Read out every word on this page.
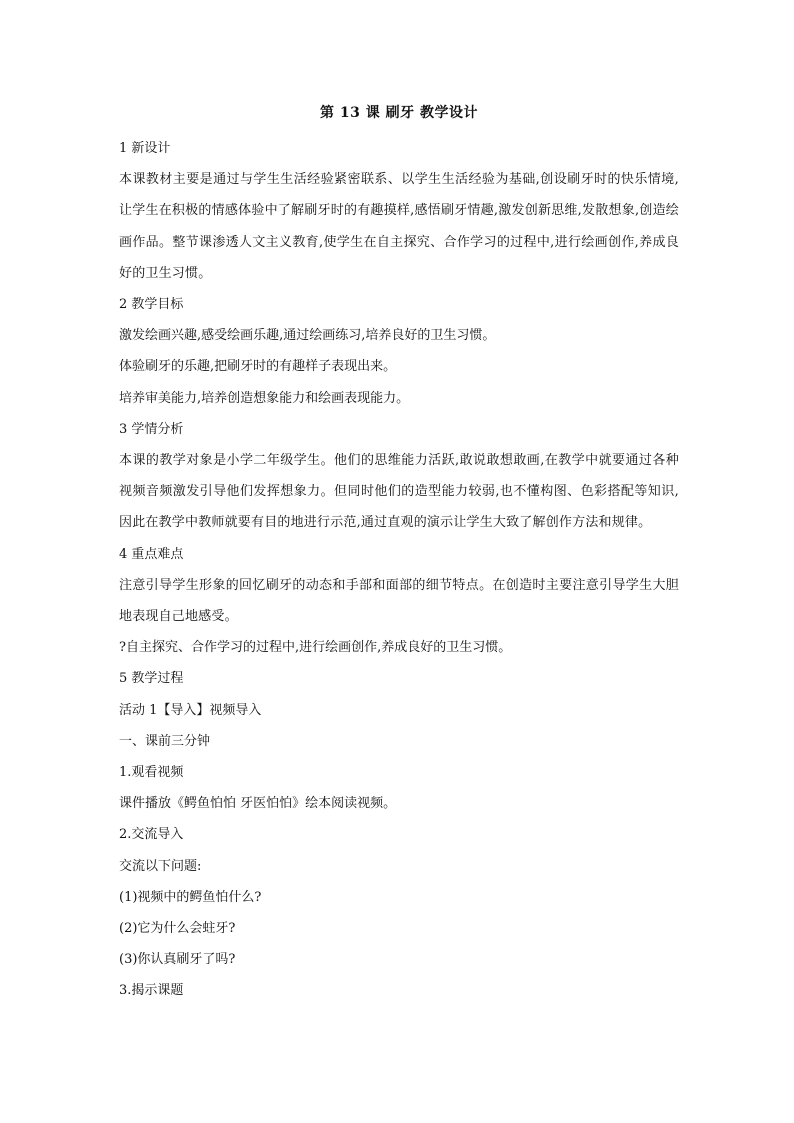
第 13 课 刷牙 教学设计

1 新设计

本课教材主要是通过与学生生活经验紧密联系、以学生生活经验为基础,创设刷牙时的快乐情境,让学生在积极的情感体验中了解刷牙时的有趣摸样,感悟刷牙情趣,激发创新思维,发散想象,创造绘画作品。整节课渗透人文主义教育,使学生在自主探究、合作学习的过程中,进行绘画创作,养成良好的卫生习惯。

2 教学目标

激发绘画兴趣,感受绘画乐趣,通过绘画练习,培养良好的卫生习惯。

体验刷牙的乐趣,把刷牙时的有趣样子表现出来。

培养审美能力,培养创造想象能力和绘画表现能力。

3 学情分析

本课的教学对象是小学二年级学生。他们的思维能力活跃,敢说敢想敢画,在教学中就要通过各种视频音频激发引导他们发挥想象力。但同时他们的造型能力较弱,也不懂构图、色彩搭配等知识,因此在教学中教师就要有目的地进行示范,通过直观的演示让学生大致了解创作方法和规律。

4 重点难点

注意引导学生形象的回忆刷牙的动态和手部和面部的细节特点。在创造时主要注意引导学生大胆地表现自己地感受。

?自主探究、合作学习的过程中,进行绘画创作,养成良好的卫生习惯。

5 教学过程

活动 1【导入】视频导入

一、课前三分钟

1.观看视频

课件播放《鳄鱼怕怕 牙医怕怕》绘本阅读视频。

2.交流导入

交流以下问题:

(1)视频中的鳄鱼怕什么?

(2)它为什么会蛀牙?

(3)你认真刷牙了吗?

3.揭示课题
